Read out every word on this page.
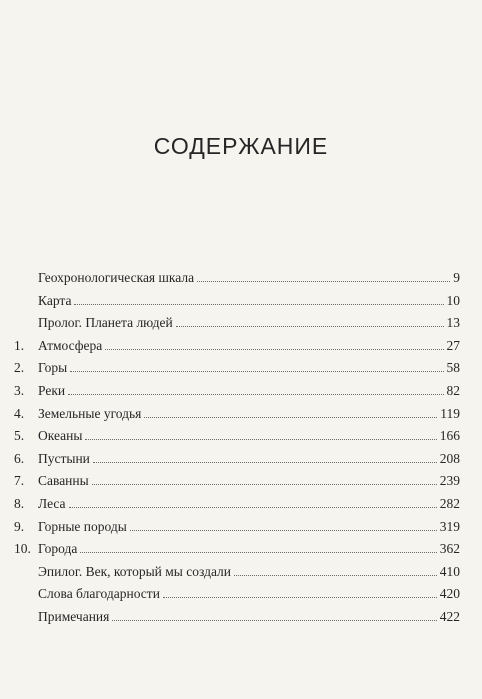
СОДЕРЖАНИЕ
Геохронологическая шкала	9
Карта	10
Пролог. Планета людей	13
1.	Атмосфера	27
2.	Горы	58
3.	Реки	82
4.	Земельные угодья	119
5.	Океаны	166
6.	Пустыни	208
7.	Саванны	239
8.	Леса	282
9.	Горные породы	319
10. Города	362
Эпилог. Век, который мы создали	410
Слова благодарности	420
Примечания	422
